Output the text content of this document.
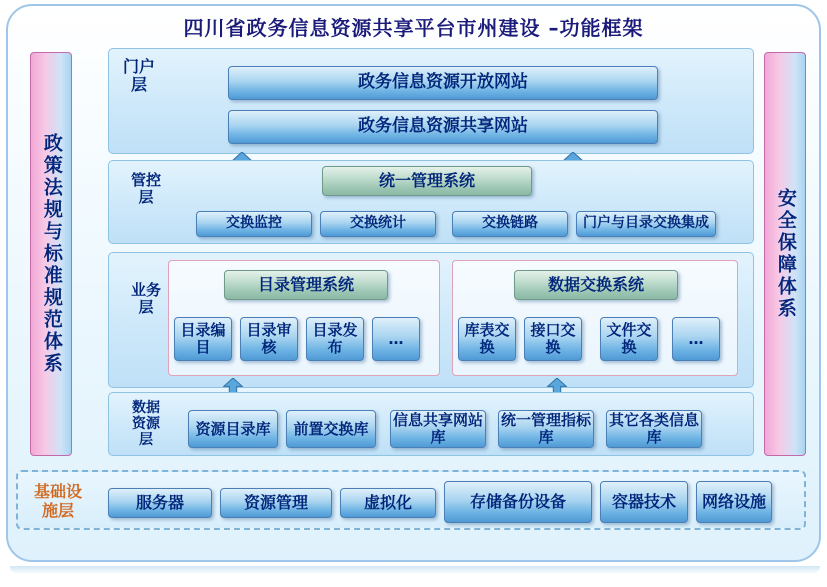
四川省政务信息资源共享平台市州建设 –功能框架
政策法规与标准规范体系	安全保障体系
门户层	政务信息资源开放网站
政务信息资源共享网站
管控层
统一管理系统
交换监控	交换统计	交换链路	门户与目录交换集成
业务层
目录管理系统
目录编目
目录审核
目录发布	…
数据交换系统
库表交换
接口交换
文件交换	…
数据资源层
资源目录库 前置交换库 信息共享网站库
统一管理指标库
其它各类信息库
基础设施层	服务器	资源管理	虚拟化	存储备份设备	容器技术 网络设施
